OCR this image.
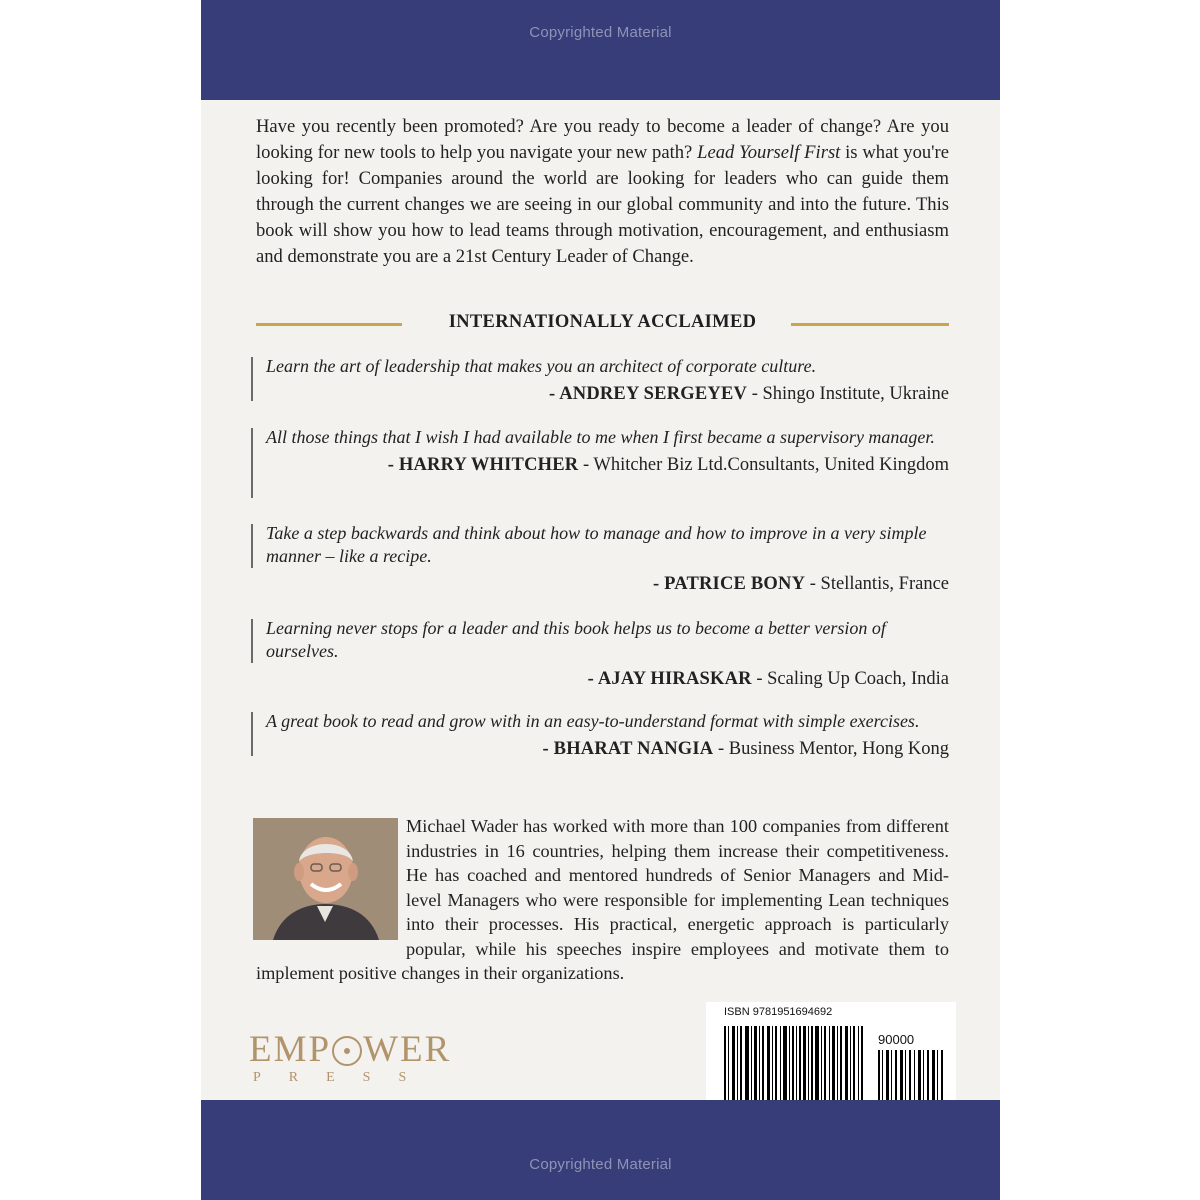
Copyrighted Material

Have you recently been promoted? Are you ready to become a leader of change? Are you looking for new tools to help you navigate your new path? Lead Yourself First is what you're looking for! Companies around the world are looking for leaders who can guide them through the current changes we are seeing in our global community and into the future. This book will show you how to lead teams through motivation, encouragement, and enthusiasm and demonstrate you are a 21st Century Leader of Change.

INTERNATIONALLY ACCLAIMED

Learn the art of leadership that makes you an architect of corporate culture.

- ANDREY SERGEYEV - Shingo Institute, Ukraine

All those things that I wish I had available to me when I first became a supervisory manager.

- HARRY WHITCHER - Whitcher Biz Ltd.Consultants, United Kingdom

Take a step backwards and think about how to manage and how to improve in a very simple manner – like a recipe.

- PATRICE BONY - Stellantis, France

Learning never stops for a leader and this book helps us to become a better version of ourselves.

- AJAY HIRASKAR - Scaling Up Coach, India

A great book to read and grow with in an easy-to-understand format with simple exercises.

- BHARAT NANGIA - Business Mentor, Hong Kong

Michael Wader has worked with more than 100 companies from different industries in 16 countries, helping them increase their competitiveness. He has coached and mentored hundreds of Senior Managers and Mid-level Managers who were responsible for implementing Lean techniques into their processes. His practical, energetic approach is particularly popular, while his speeches inspire employees and motivate them to implement positive changes in their organizations.

EMP WER
PRESS
ISBN 9781951694692
90000
Copyrighted Material
